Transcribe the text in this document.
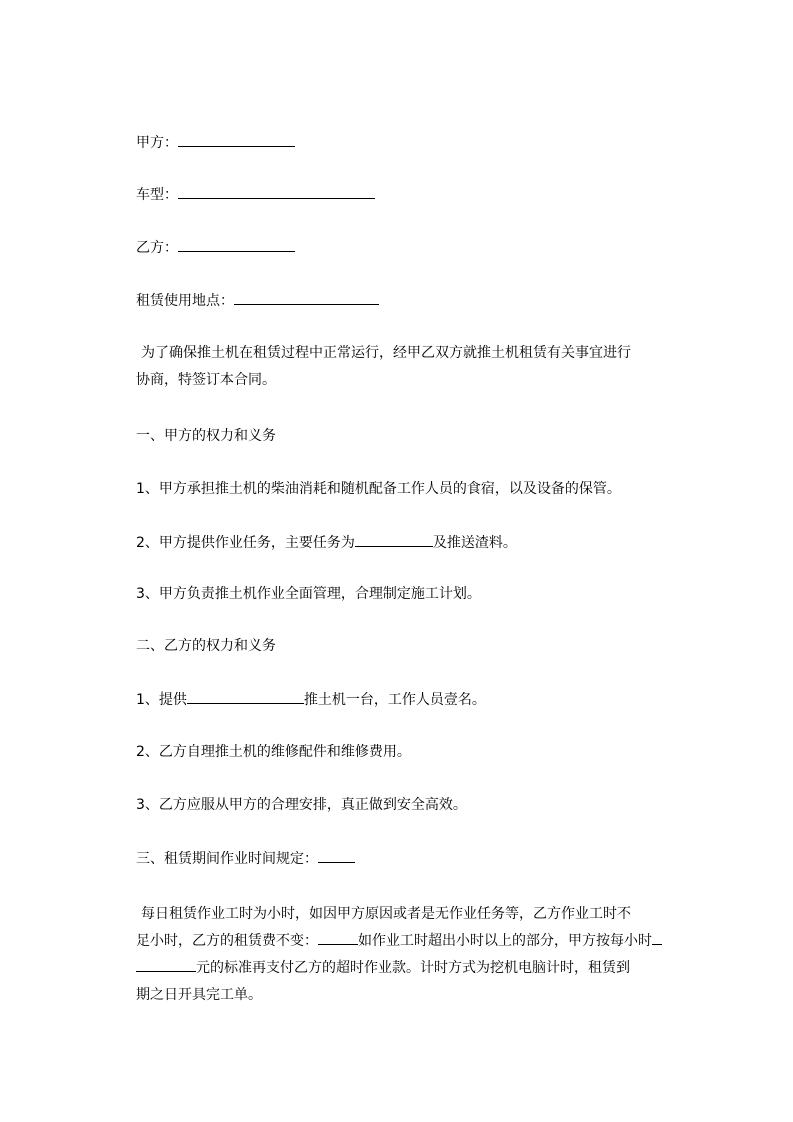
甲方：
车型：
乙方：
租赁使用地点：
为了确保推土机在租赁过程中正常运行，经甲乙双方就推土机租赁有关事宜进行
协商，特签订本合同。
一、甲方的权力和义务
1、甲方承担推土机的柴油消耗和随机配备工作人员的食宿，以及设备的保管。
2、甲方提供作业任务，主要任务为	及推送渣料。
3、甲方负责推土机作业全面管理，合理制定施工计划。
二、乙方的权力和义务
1、提供	推土机一台，工作人员壹名。
2、乙方自理推土机的维修配件和维修费用。
3、乙方应服从甲方的合理安排，真正做到安全高效。
三、租赁期间作业时间规定：
每日租赁作业工时为小时，如因甲方原因或者是无作业任务等，乙方作业工时不
足小时，乙方的租赁费不变：	如作业工时超出小时以上的部分，甲方按每小时
元的标准再支付乙方的超时作业款。计时方式为挖机电脑计时，租赁到
期之日开具完工单。
